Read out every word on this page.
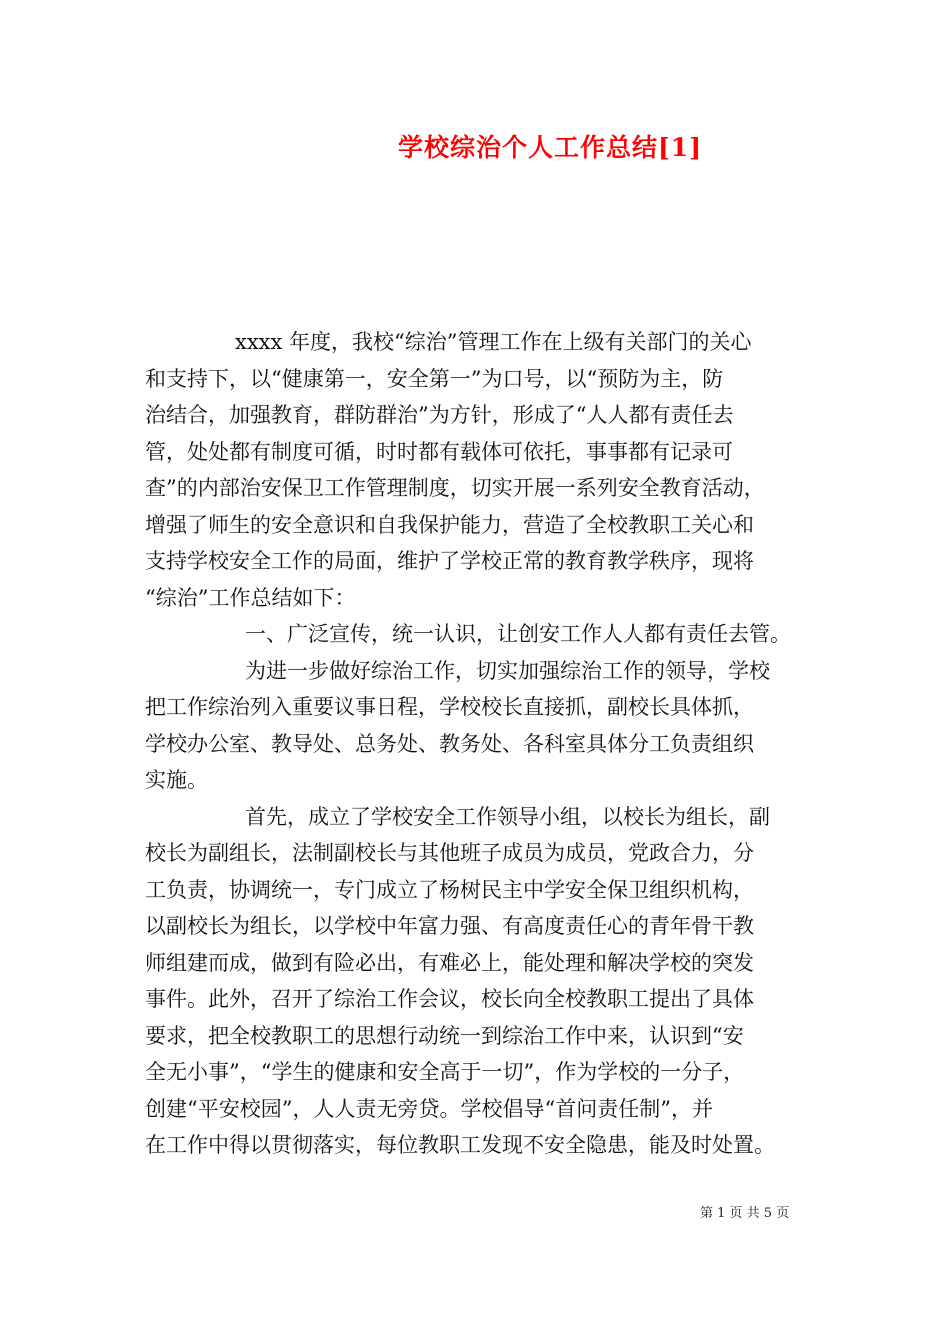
学校综治个人工作总结[1]
xxxx 年度，我校“综治”管理工作在上级有关部门的关心
和支持下，以“健康第一，安全第一”为口号，以“预防为主，防
治结合，加强教育，群防群治”为方针，形成了“人人都有责任去
管，处处都有制度可循，时时都有载体可依托，事事都有记录可
查”的内部治安保卫工作管理制度，切实开展一系列安全教育活动，
增强了师生的安全意识和自我保护能力，营造了全校教职工关心和
支持学校安全工作的局面，维护了学校正常的教育教学秩序，现将
“综治”工作总结如下：
一、广泛宣传，统一认识，让创安工作人人都有责任去管。
为进一步做好综治工作，切实加强综治工作的领导，学校
把工作综治列入重要议事日程，学校校长直接抓，副校长具体抓，
学校办公室、教导处、总务处、教务处、各科室具体分工负责组织
实施。
首先，成立了学校安全工作领导小组，以校长为组长，副
校长为副组长，法制副校长与其他班子成员为成员，党政合力，分
工负责，协调统一，专门成立了杨树民主中学安全保卫组织机构，
以副校长为组长，以学校中年富力强、有高度责任心的青年骨干教
师组建而成，做到有险必出，有难必上，能处理和解决学校的突发
事件。此外，召开了综治工作会议，校长向全校教职工提出了具体
要求，把全校教职工的思想行动统一到综治工作中来，认识到“安
全无小事”，“学生的健康和安全高于一切”，作为学校的一分子，
创建“平安校园”，人人责无旁贷。学校倡导“首问责任制”，并
在工作中得以贯彻落实，每位教职工发现不安全隐患，能及时处置。
第 1 页 共 5 页
